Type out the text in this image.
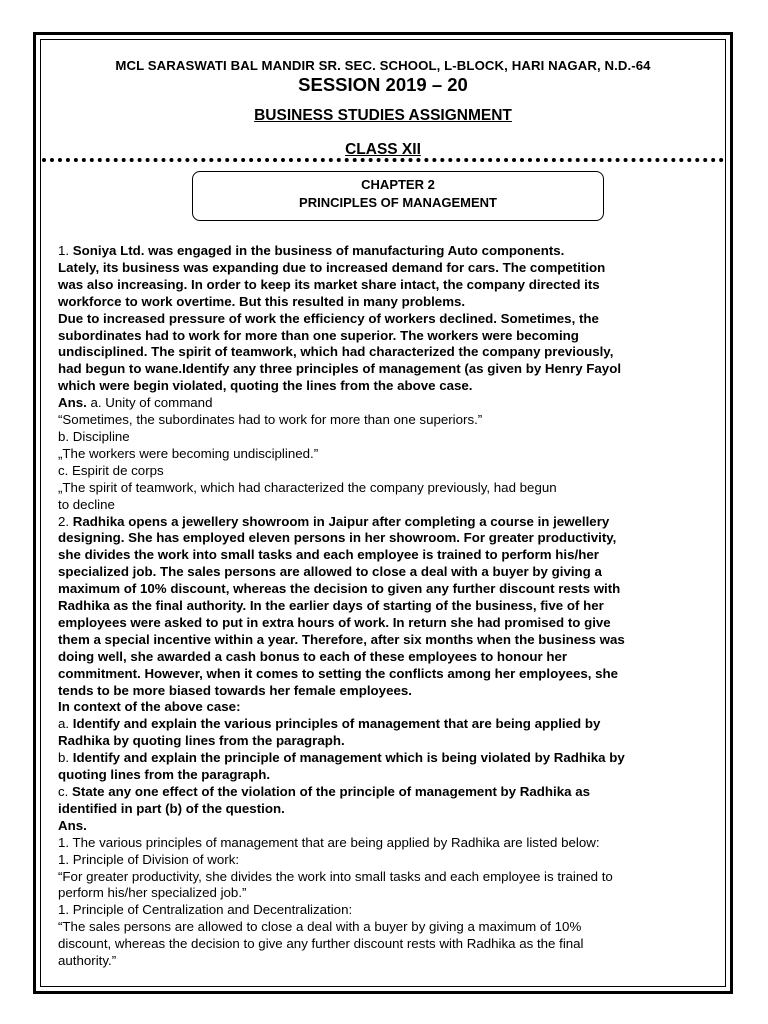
MCL SARASWATI BAL MANDIR SR. SEC. SCHOOL, L-BLOCK, HARI NAGAR, N.D.-64
SESSION 2019 – 20
BUSINESS STUDIES ASSIGNMENT
CLASS XII
CHAPTER 2
PRINCIPLES OF MANAGEMENT

1. Soniya Ltd. was engaged in the business of manufacturing Auto components.

Lately, its business was expanding due to increased demand for cars. The competition

was also increasing. In order to keep its market share intact, the company directed its

workforce to work overtime. But this resulted in many problems.

Due to increased pressure of work the efficiency of workers declined. Sometimes, the

subordinates had to work for more than one superior. The workers were becoming

undisciplined. The spirit of teamwork, which had characterized the company previously,

had begun to wane.Identify any three principles of management (as given by Henry Fayol

which were begin violated, quoting the lines from the above case.

Ans. a. Unity of command

“Sometimes, the subordinates had to work for more than one superiors.”

b. Discipline

„The workers were becoming undisciplined.”

c. Espirit de corps

„The spirit of teamwork, which had characterized the company previously, had begun

to decline

2. Radhika opens a jewellery showroom in Jaipur after completing a course in jewellery

designing. She has employed eleven persons in her showroom. For greater productivity,

she divides the work into small tasks and each employee is trained to perform his/her

specialized job. The sales persons are allowed to close a deal with a buyer by giving a

maximum of 10% discount, whereas the decision to given any further discount rests with

Radhika as the final authority. In the earlier days of starting of the business, five of her

employees were asked to put in extra hours of work. In return she had promised to give

them a special incentive within a year. Therefore, after six months when the business was

doing well, she awarded a cash bonus to each of these employees to honour her

commitment. However, when it comes to setting the conflicts among her employees, she

tends to be more biased towards her female employees.

In context of the above case:

a. Identify and explain the various principles of management that are being applied by

Radhika by quoting lines from the paragraph.

b. Identify and explain the principle of management which is being violated by Radhika by

quoting lines from the paragraph.

c. State any one effect of the violation of the principle of management by Radhika as

identified in part (b) of the question.

Ans.

1. The various principles of management that are being applied by Radhika are listed below:

1. Principle of Division of work:

“For greater productivity, she divides the work into small tasks and each employee is trained to

perform his/her specialized job.”

1. Principle of Centralization and Decentralization:

“The sales persons are allowed to close a deal with a buyer by giving a maximum of 10%

discount, whereas the decision to give any further discount rests with Radhika as the final

authority.”
